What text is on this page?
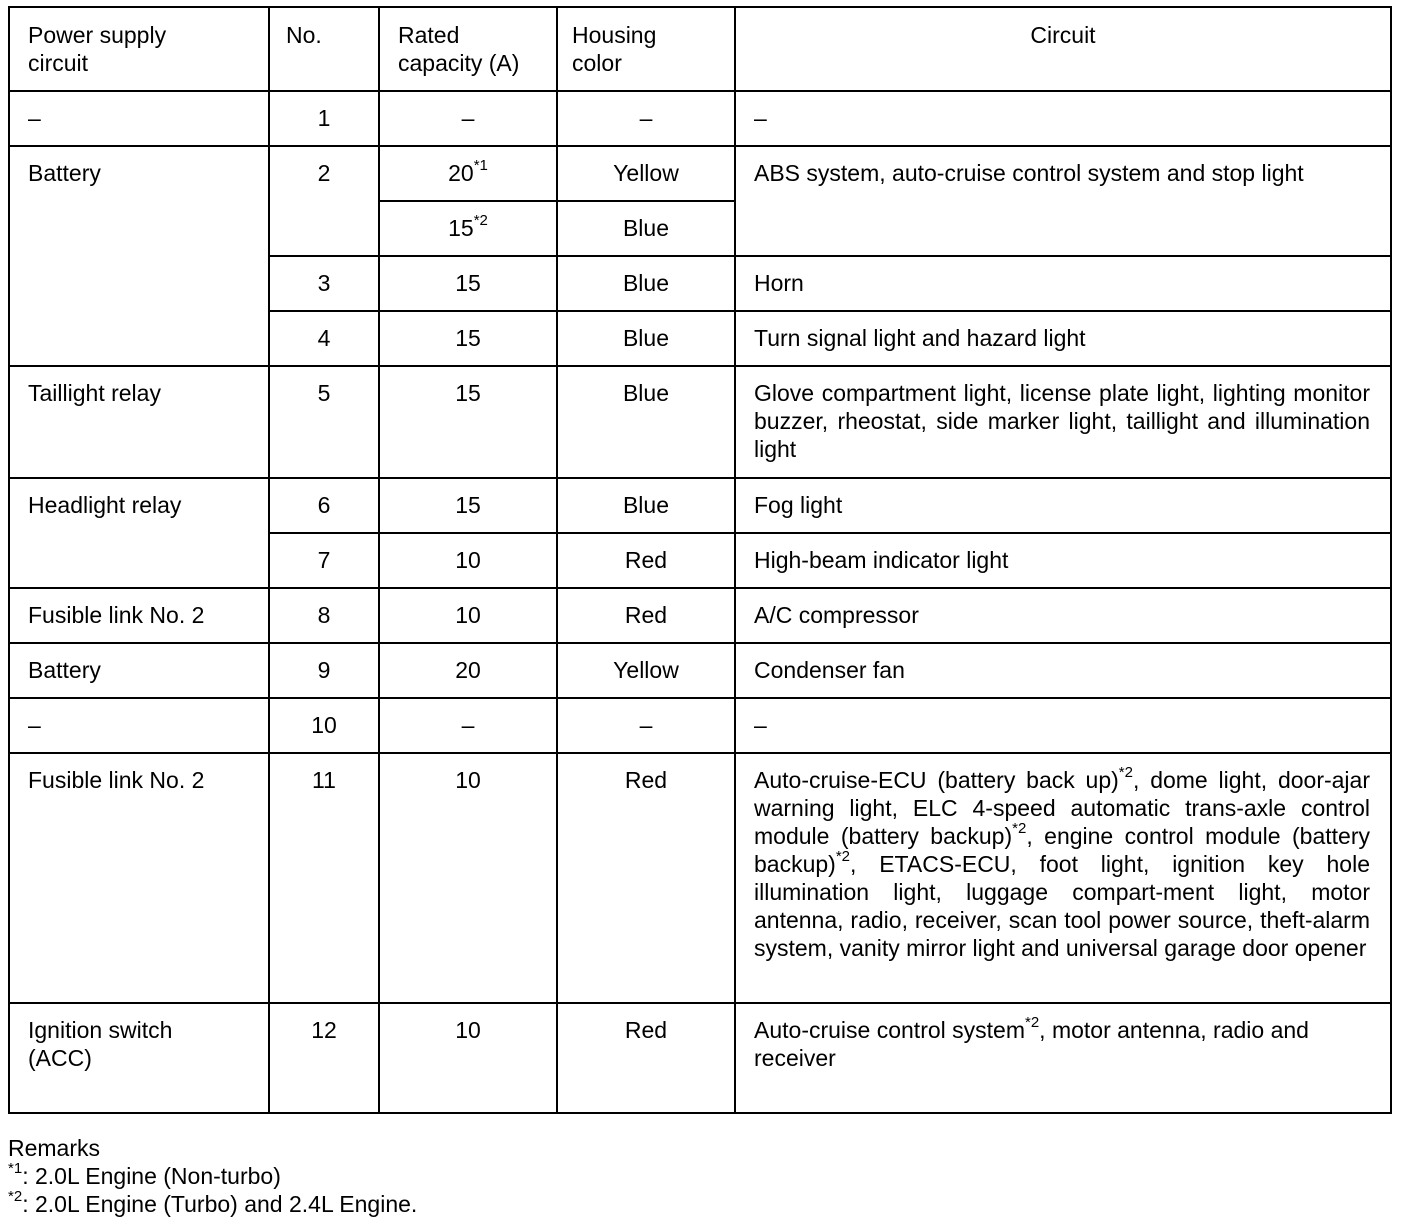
Power supply circuit	No.	Rated capacity (A)	Housing color	Circuit
–	1	–	–	–
Battery	2	20$^{*1}$	Yellow	ABS system, auto-cruise control system and stop light
		15$^{*2}$	Blue	
	3	15	Blue	Horn
	4	15	Blue	Turn signal light and hazard light
Taillight relay	5	15	Blue	Glove compartment light, license plate light, lighting monitor buzzer, rheostat, side marker light, taillight and illumination light
Headlight relay	6	15	Blue	Fog light
	7	10	Red	High-beam indicator light
Fusible link No. 2	8	10	Red	A/C compressor
Battery	9	20	Yellow	Condenser fan
–	10	–	–	–
Fusible link No. 2	11	10	Red	Auto-cruise-ECU (battery back up)$^{*2}$, dome light, door-ajar warning light, ELC 4-speed automatic trans-axle control module (battery backup)$^{*2}$, engine control module (battery backup)$^{*2}$, ETACS-ECU, foot light, ignition key hole illumination light, luggage compart-ment light, motor antenna, radio, receiver, scan tool power source, theft-alarm system, vanity mirror light and universal garage door opener
Ignition switch (ACC)	12	10	Red	Auto-cruise control system$^{*2}$, motor antenna, radio and
receiver
Remarks
$^{*1}$: 2.0L Engine (Non-turbo)
$^{*2}$: 2.0L Engine (Turbo) and 2.4L Engine.
